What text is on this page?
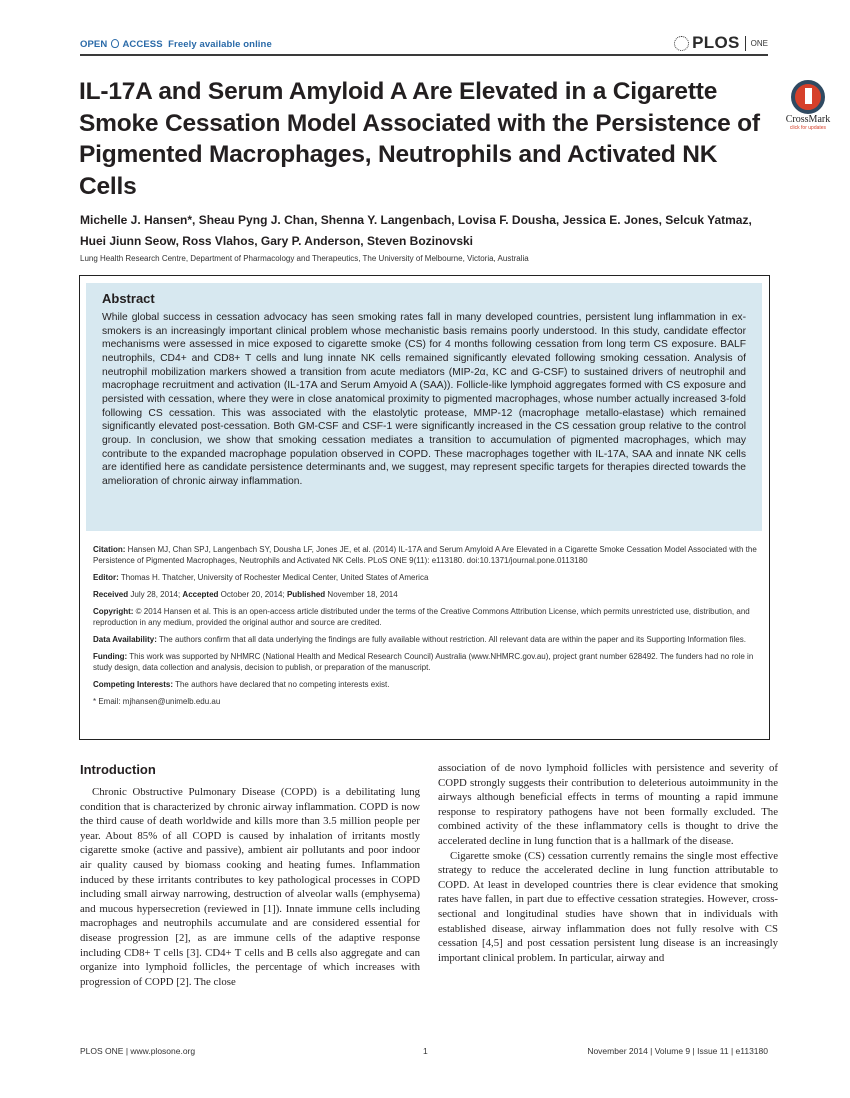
OPEN ACCESS Freely available online	PLOS ONE
IL-17A and Serum Amyloid A Are Elevated in a Cigarette Smoke Cessation Model Associated with the Persistence of Pigmented Macrophages, Neutrophils and Activated NK Cells
CrossMark
click for updates
Michelle J. Hansen*, Sheau Pyng J. Chan, Shenna Y. Langenbach, Lovisa F. Dousha, Jessica E. Jones, Selcuk Yatmaz, Huei Jiunn Seow, Ross Vlahos, Gary P. Anderson, Steven Bozinovski
Lung Health Research Centre, Department of Pharmacology and Therapeutics, The University of Melbourne, Victoria, Australia
Abstract

While global success in cessation advocacy has seen smoking rates fall in many developed countries, persistent lung inflammation in ex-smokers is an increasingly important clinical problem whose mechanistic basis remains poorly understood. In this study, candidate effector mechanisms were assessed in mice exposed to cigarette smoke (CS) for 4 months following cessation from long term CS exposure. BALF neutrophils, CD4+ and CD8+ T cells and lung innate NK cells remained significantly elevated following smoking cessation. Analysis of neutrophil mobilization markers showed a transition from acute mediators (MIP-2α, KC and G-CSF) to sustained drivers of neutrophil and macrophage recruitment and activation (IL-17A and Serum Amyoid A (SAA)). Follicle-like lymphoid aggregates formed with CS exposure and persisted with cessation, where they were in close anatomical proximity to pigmented macrophages, whose number actually increased 3-fold following CS cessation. This was associated with the elastolytic protease, MMP-12 (macrophage metallo-elastase) which remained significantly elevated post-cessation. Both GM-CSF and CSF-1 were significantly increased in the CS cessation group relative to the control group. In conclusion, we show that smoking cessation mediates a transition to accumulation of pigmented macrophages, which may contribute to the expanded macrophage population observed in COPD. These macrophages together with IL-17A, SAA and innate NK cells are identified here as candidate persistence determinants and, we suggest, may represent specific targets for therapies directed towards the amelioration of chronic airway inflammation.

Citation: Hansen MJ, Chan SPJ, Langenbach SY, Dousha LF, Jones JE, et al. (2014) IL-17A and Serum Amyloid A Are Elevated in a Cigarette Smoke Cessation Model Associated with the Persistence of Pigmented Macrophages, Neutrophils and Activated NK Cells. PLoS ONE 9(11): e113180. doi:10.1371/journal.pone.0113180

Editor: Thomas H. Thatcher, University of Rochester Medical Center, United States of America

Received July 28, 2014; Accepted October 20, 2014; Published November 18, 2014

Copyright: © 2014 Hansen et al. This is an open-access article distributed under the terms of the Creative Commons Attribution License, which permits unrestricted use, distribution, and reproduction in any medium, provided the original author and source are credited.

Data Availability: The authors confirm that all data underlying the findings are fully available without restriction. All relevant data are within the paper and its Supporting Information files.

Funding: This work was supported by NHMRC (National Health and Medical Research Council) Australia (www.NHMRC.gov.au), project grant number 628492. The funders had no role in study design, data collection and analysis, decision to publish, or preparation of the manuscript.

Competing Interests: The authors have declared that no competing interests exist.

* Email: mjhansen@unimelb.edu.au

Introduction

Chronic Obstructive Pulmonary Disease (COPD) is a debilitating lung condition that is characterized by chronic airway inflammation. COPD is now the third cause of death worldwide and kills more than 3.5 million people per year. About 85% of all COPD is caused by inhalation of irritants mostly cigarette smoke (active and passive), ambient air pollutants and poor indoor air quality caused by biomass cooking and heating fumes. Inflammation induced by these irritants contributes to key pathological processes in COPD including small airway narrowing, destruction of alveolar walls (emphysema) and mucous hypersecretion (reviewed in [1]). Innate immune cells including macrophages and neutrophils accumulate and are considered essential for disease progression [2], as are immune cells of the adaptive response including CD8+ T cells [3]. CD4+ T cells and B cells also aggregate and can organize into lymphoid follicles, the percentage of which increases with progression of COPD [2]. The close

association of de novo lymphoid follicles with persistence and severity of COPD strongly suggests their contribution to deleterious autoimmunity in the airways although beneficial effects in terms of mounting a rapid immune response to respiratory pathogens have not been formally excluded. The combined activity of the these inflammatory cells is thought to drive the accelerated decline in lung function that is a hallmark of the disease.

Cigarette smoke (CS) cessation currently remains the single most effective strategy to reduce the accelerated decline in lung function attributable to COPD. At least in developed countries there is clear evidence that smoking rates have fallen, in part due to effective cessation strategies. However, cross-sectional and longitudinal studies have shown that in individuals with established disease, airway inflammation does not fully resolve with CS cessation [4,5] and post cessation persistent lung disease is an increasingly important clinical problem. In particular, airway and

PLOS ONE | www.plosone.org	1	November 2014 | Volume 9 | Issue 11 | e113180
